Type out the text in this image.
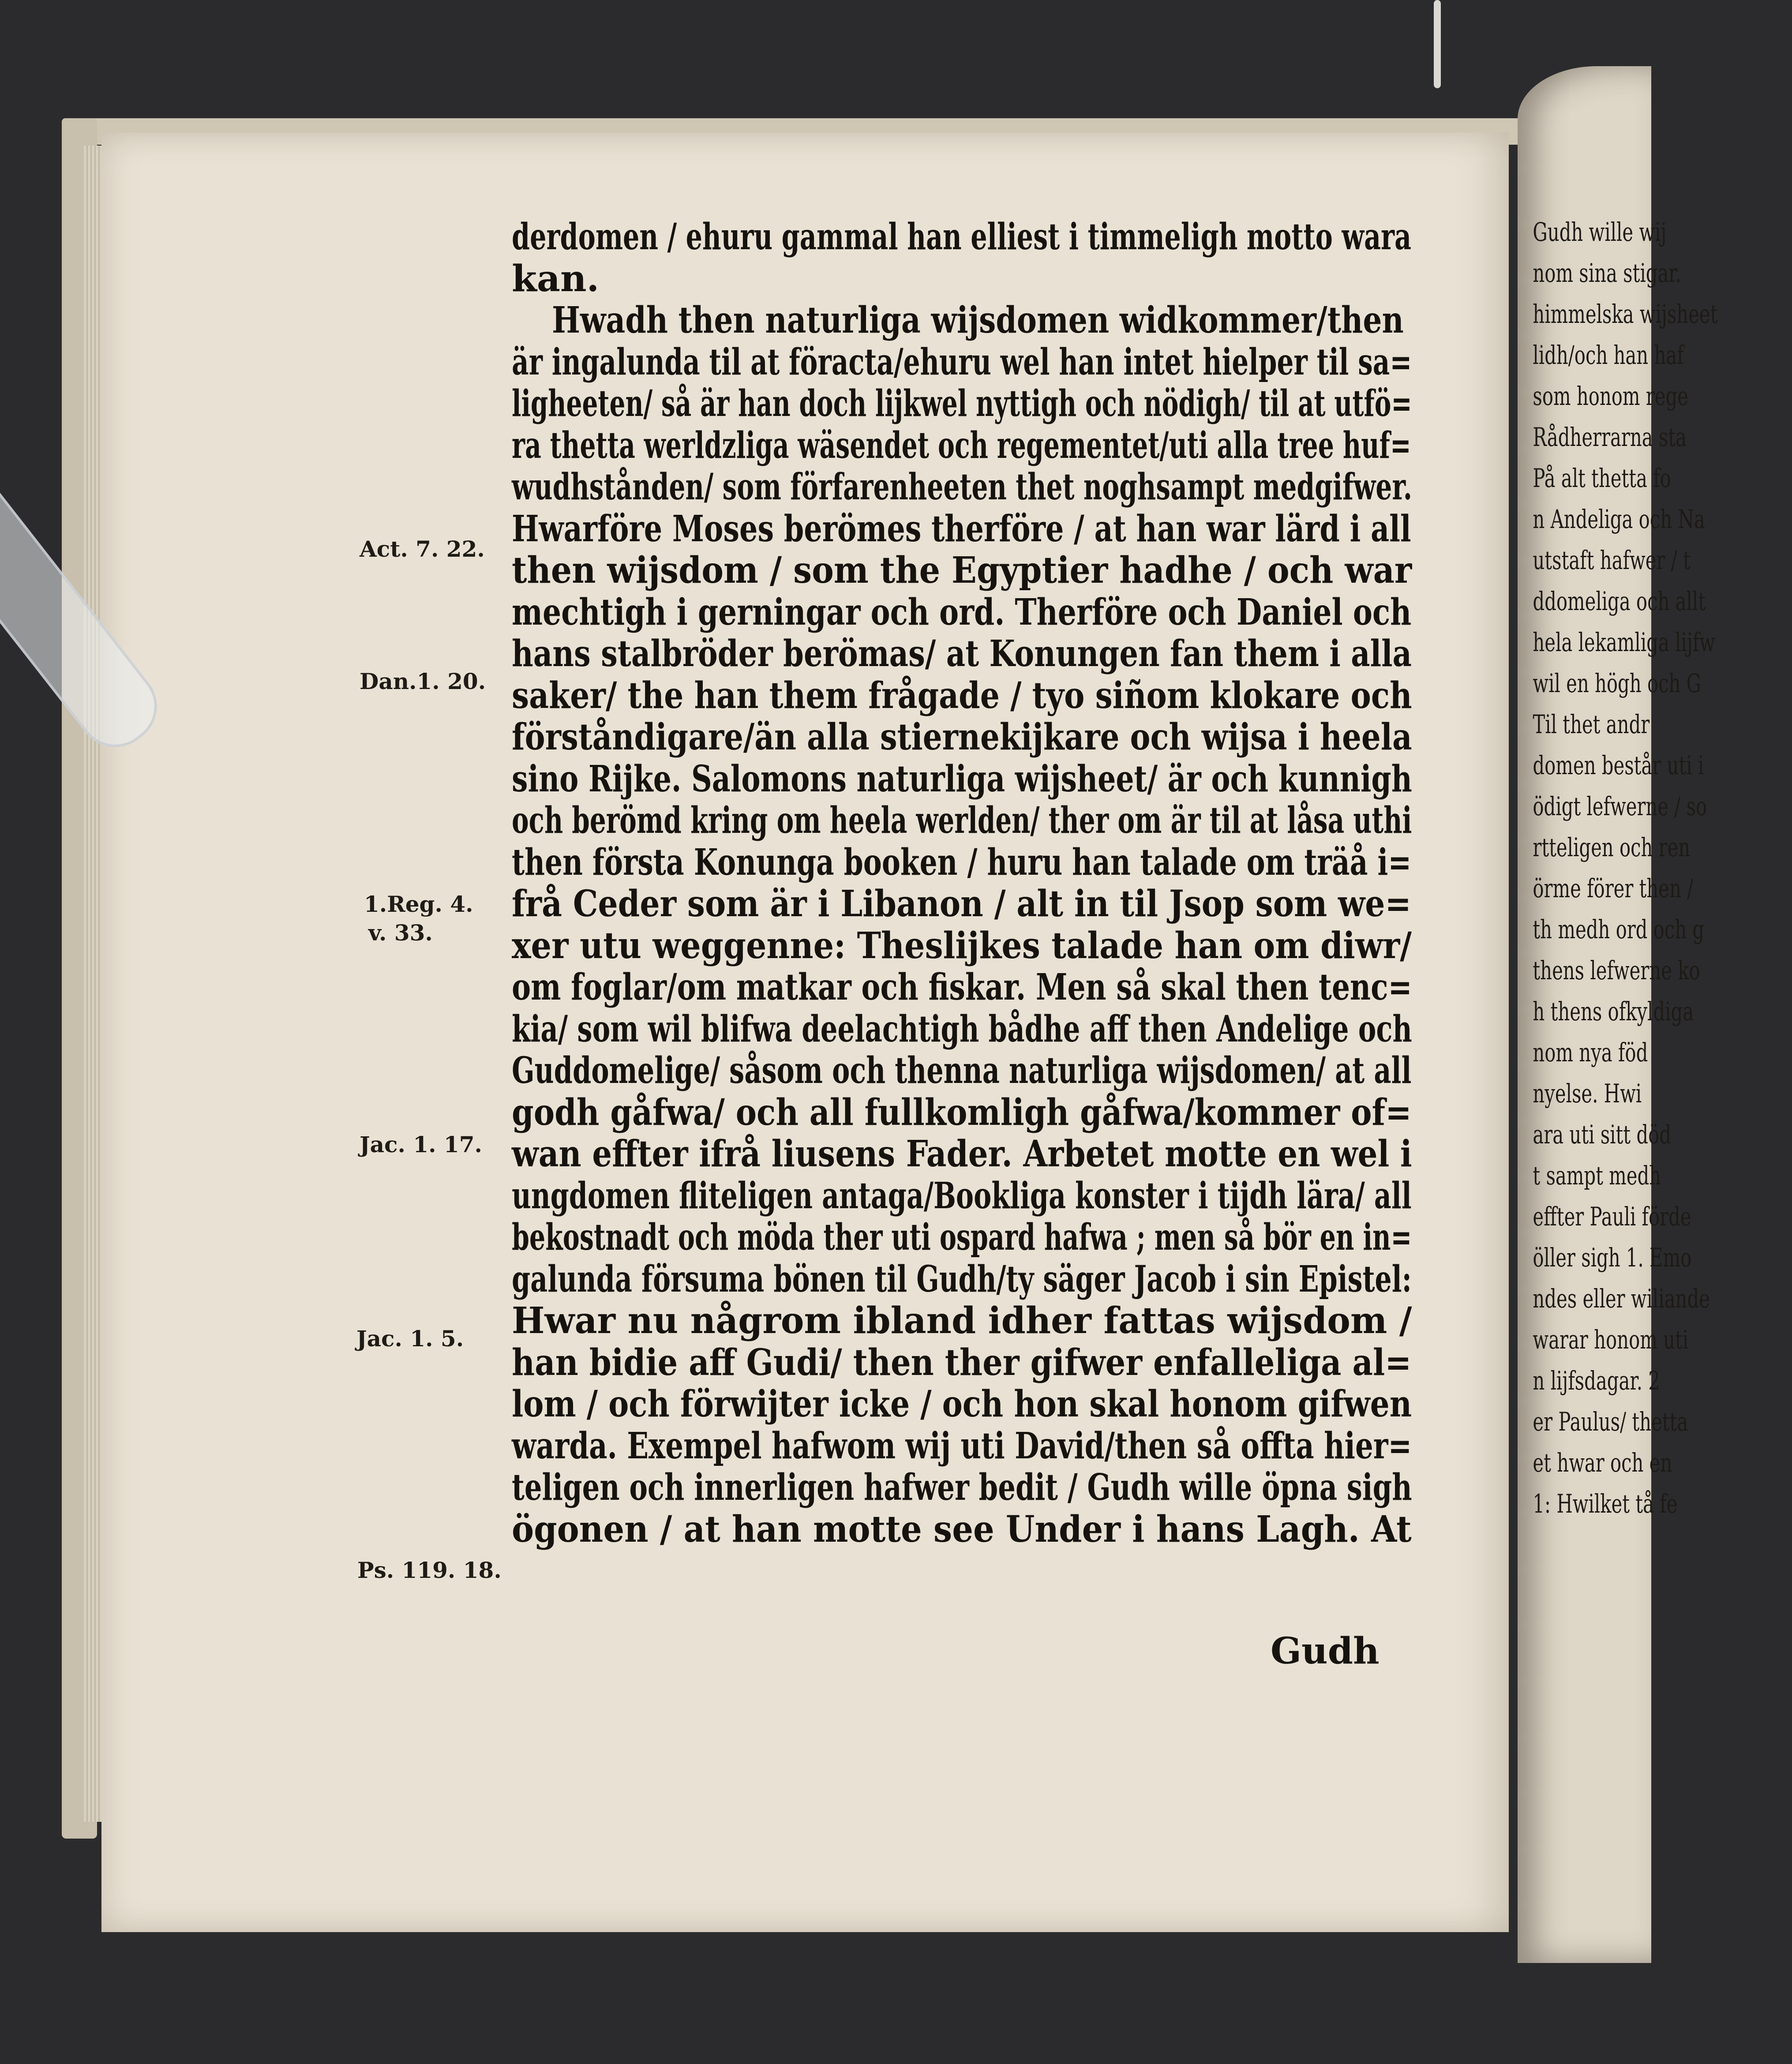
Gudh wille wij
nom sina stigar.
himmelska wijsheet
lidh/och han haf
som honom rege
Rådherrarna sta
På alt thetta fo
n Andeliga och Na
utstaft hafwer / t
ddomeliga och allt
hela lekamliga lijfw
wil en högh och G
Til thet andr
domen består uti i
ödigt lefwerne / so
rtteligen och ren
örme förer then /
th medh ord och g
thens lefwerne ko
h thens ofkyldiga
nom nya föd
nyelse. Hwi
ara uti sitt död
t sampt medh
effter Pauli förde
öller sigh 1. Emo
ndes eller wiliande
warar honom uti
n lijfsdagar. 2
er Paulus/ thetta
et hwar och en
1: Hwilket tå fe
Act. 7. 22.
Dan.1. 20.
1.Reg. 4.
v. 33.
Jac. 1. 17.
Jac. 1. 5.
Ps. 119. 18.
derdomen / ehuru gammal han elliest i timmeligh motto wara
kan.
Hwadh then naturliga wijsdomen widkommer/then
är ingalunda til at föracta/ehuru wel han intet hielper til sa=
ligheeten/ så är han doch lijkwel nyttigh och nödigh/ til at utfö=
ra thetta werldzliga wäsendet och regementet/uti alla tree huf=
wudhstånden/ som förfarenheeten thet noghsampt medgifwer.
Hwarföre Moses berömes therföre / at han war lärd i all
then wijsdom / som the Egyptier hadhe / och war
mechtigh i gerningar och ord. Therföre och Daniel och
hans stalbröder berömas/ at Konungen fan them i alla
saker/ the han them frågade / tyo siñom klokare och
förståndigare/än alla stiernekijkare och wijsa i heela
sino Rijke. Salomons naturliga wijsheet/ är och kunnigh
och berömd kring om heela werlden/ ther om är til at låsa uthi
then första Konunga booken / huru han talade om träå i=
frå Ceder som är i Libanon / alt in til Jsop som we=
xer utu weggenne: Theslijkes talade han om diwr/
om foglar/om matkar och fiskar. Men så skal then tenc=
kia/ som wil blifwa deelachtigh bådhe aff then Andelige och
Guddomelige/ såsom och thenna naturliga wijsdomen/ at all
godh gåfwa/ och all fullkomligh gåfwa/kommer of=
wan effter ifrå liusens Fader. Arbetet motte en wel i
ungdomen fliteligen antaga/Bookliga konster i tijdh lära/ all
bekostnadt och möda ther uti ospard hafwa ; men så bör en in=
galunda försuma bönen til Gudh/ty säger Jacob i sin Epistel:
Hwar nu någrom ibland idher fattas wijsdom /
han bidie aff Gudi/ then ther gifwer enfalleliga al=
lom / och förwijter icke / och hon skal honom gifwen
warda. Exempel hafwom wij uti David/then så offta hier=
teligen och innerligen hafwer bedit / Gudh wille öpna sigh
ögonen / at han motte see Under i hans Lagh. At
Gudh
